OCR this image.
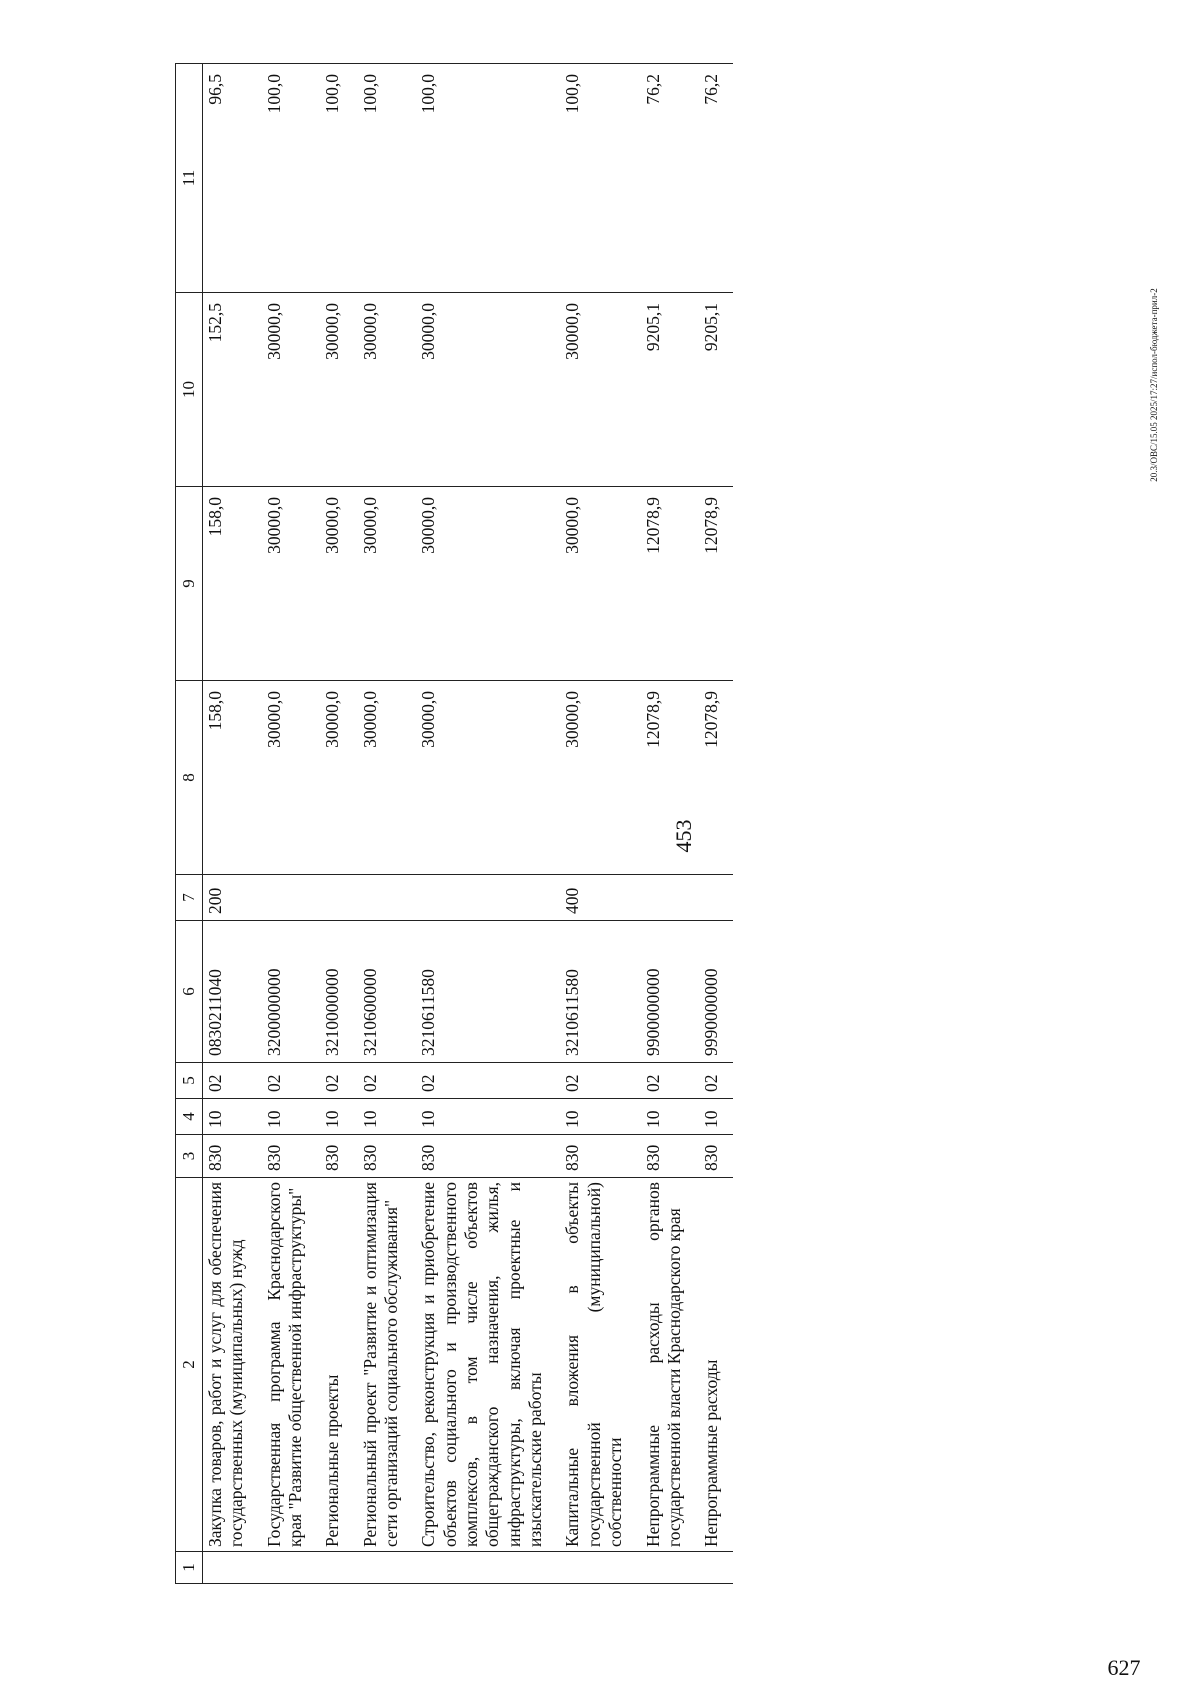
453
20.3/ОВС/15.05 2025/17:27/испол-бюджета-прил-2
627
1	2	3	4	5	6	7	8	9	10	11
	Закупка товаров, работ и услуг для обеспечения государственных (муниципальных) нужд	830	10	02	0830211040	200	158,0	158,0	152,5	96,5
	Государственная программа Краснодарского края "Развитие общественной инфраструктуры"	830	10	02	3200000000		30000,0	30000,0	30000,0	100,0
	Региональные проекты	830	10	02	3210000000		30000,0	30000,0	30000,0	100,0
	Региональный проект "Развитие и оптимизация сети организаций социального обслуживания"	830	10	02	3210600000		30000,0	30000,0	30000,0	100,0
	Строительство, реконструкция и приобретение объектов социального и производственного комплексов, в том числе объектов общегражданского назначения, жилья, инфраструктуры, включая проектные и изыскательские работы	830	10	02	3210611580		30000,0	30000,0	30000,0	100,0
	Капитальные вложения в объекты государственной (муниципальной) собственности	830	10	02	3210611580	400	30000,0	30000,0	30000,0	100,0
	Непрограммные расходы органов государственной власти Краснодарского края	830	10	02	9900000000		12078,9	12078,9	9205,1	76,2
	Непрограммные расходы	830	10	02	9990000000		12078,9	12078,9	9205,1	76,2
